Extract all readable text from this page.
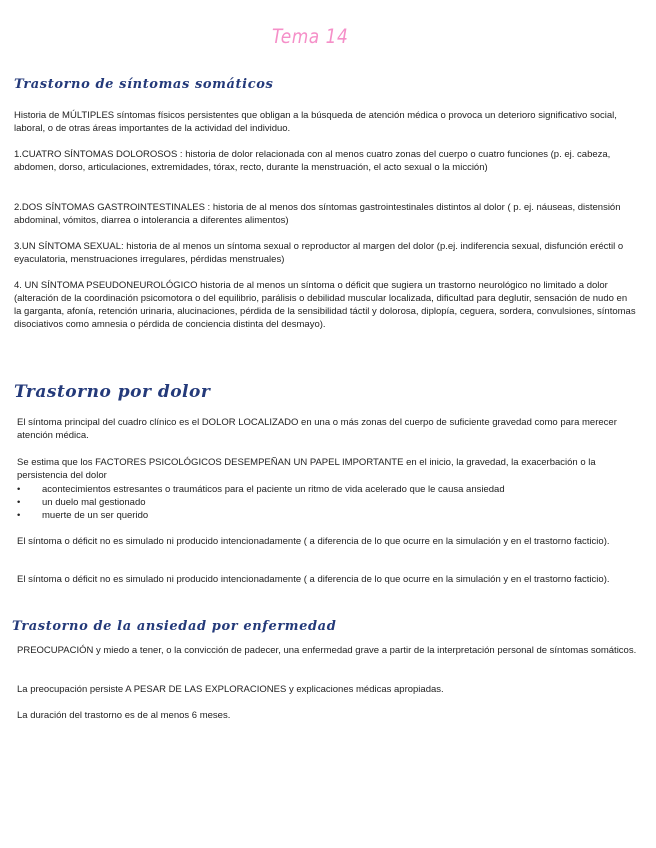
Tema 14
Trastorno de síntomas somáticos

Historia de MÚLTIPLES síntomas físicos persistentes que obligan a la búsqueda de atención médica o provoca un deterioro significativo social, laboral, o de otras áreas importantes de la actividad del individuo.

1.CUATRO SÍNTOMAS DOLOROSOS : historia de dolor relacionada con al menos cuatro zonas del cuerpo o cuatro funciones (p. ej. cabeza, abdomen, dorso, articulaciones, extremidades, tórax, recto, durante la menstruación, el acto sexual o la micción)

2.DOS SÍNTOMAS GASTROINTESTINALES : historia de al menos dos síntomas gastrointestinales distintos al dolor ( p. ej. náuseas, distensión abdominal, vómitos, diarrea o intolerancia a diferentes alimentos)

3.UN SÍNTOMA SEXUAL: historia de al menos un síntoma sexual o reproductor al margen del dolor (p.ej. indiferencia sexual, disfunción eréctil o eyaculatoria, menstruaciones irregulares, pérdidas menstruales)

4. UN SÍNTOMA PSEUDONEUROLÓGICO historia de al menos un síntoma o déficit que sugiera un trastorno neurológico no limitado a dolor (alteración de la coordinación psicomotora o del equilibrio, parálisis o debilidad muscular localizada, dificultad para deglutir, sensación de nudo en la garganta, afonía, retención urinaria, alucinaciones, pérdida de la sensibilidad táctil y dolorosa, diplopía, ceguera, sordera, convulsiones, síntomas disociativos como amnesia o pérdida de conciencia distinta del desmayo).

Trastorno por dolor

El síntoma principal del cuadro clínico es el DOLOR LOCALIZADO en una o más zonas del cuerpo de suficiente gravedad como para merecer atención médica.

Se estima que los FACTORES PSICOLÓGICOS DESEMPEÑAN UN PAPEL IMPORTANTE en el inicio, la gravedad, la exacerbación o la persistencia del dolor

• acontecimientos estresantes o traumáticos para el paciente un ritmo de vida acelerado que le causa ansiedad
• un duelo mal gestionado
• muerte de un ser querido

El síntoma o déficit no es simulado ni producido intencionadamente ( a diferencia de lo que ocurre en la simulación y en el trastorno facticio).

El síntoma o déficit no es simulado ni producido intencionadamente ( a diferencia de lo que ocurre en la simulación y en el trastorno facticio).

Trastorno de la ansiedad por enfermedad

PREOCUPACIÓN y miedo a tener, o la convicción de padecer, una enfermedad grave a partir de la interpretación personal de síntomas somáticos.

La preocupación persiste A PESAR DE LAS EXPLORACIONES y explicaciones médicas apropiadas.

La duración del trastorno es de al menos 6 meses.
